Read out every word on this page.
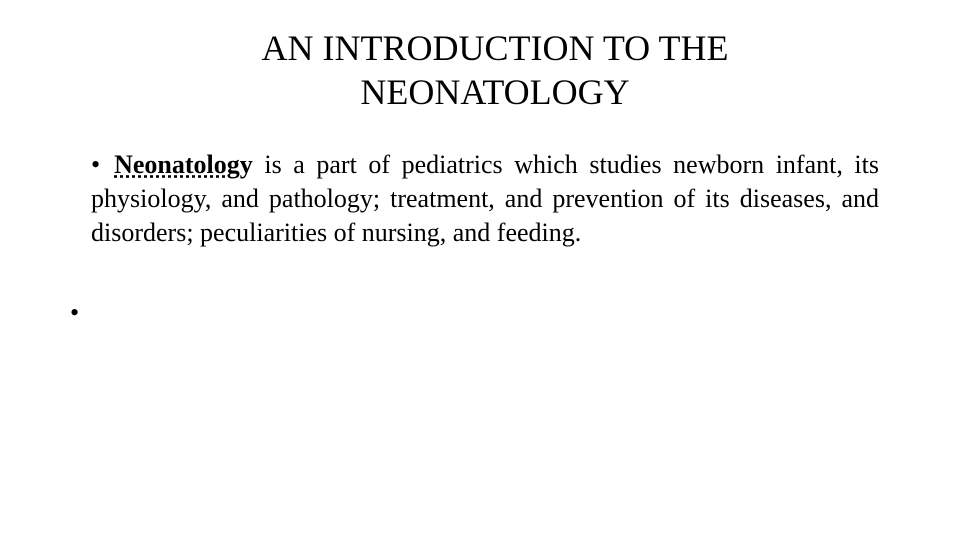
AN INTRODUCTION TO THE
NEONATOLOGY
• Neonatology is a part of pediatrics which studies newborn infant, its physiology, and pathology; treatment, and prevention of its diseases, and disorders; peculiarities of nursing, and feeding.
•
